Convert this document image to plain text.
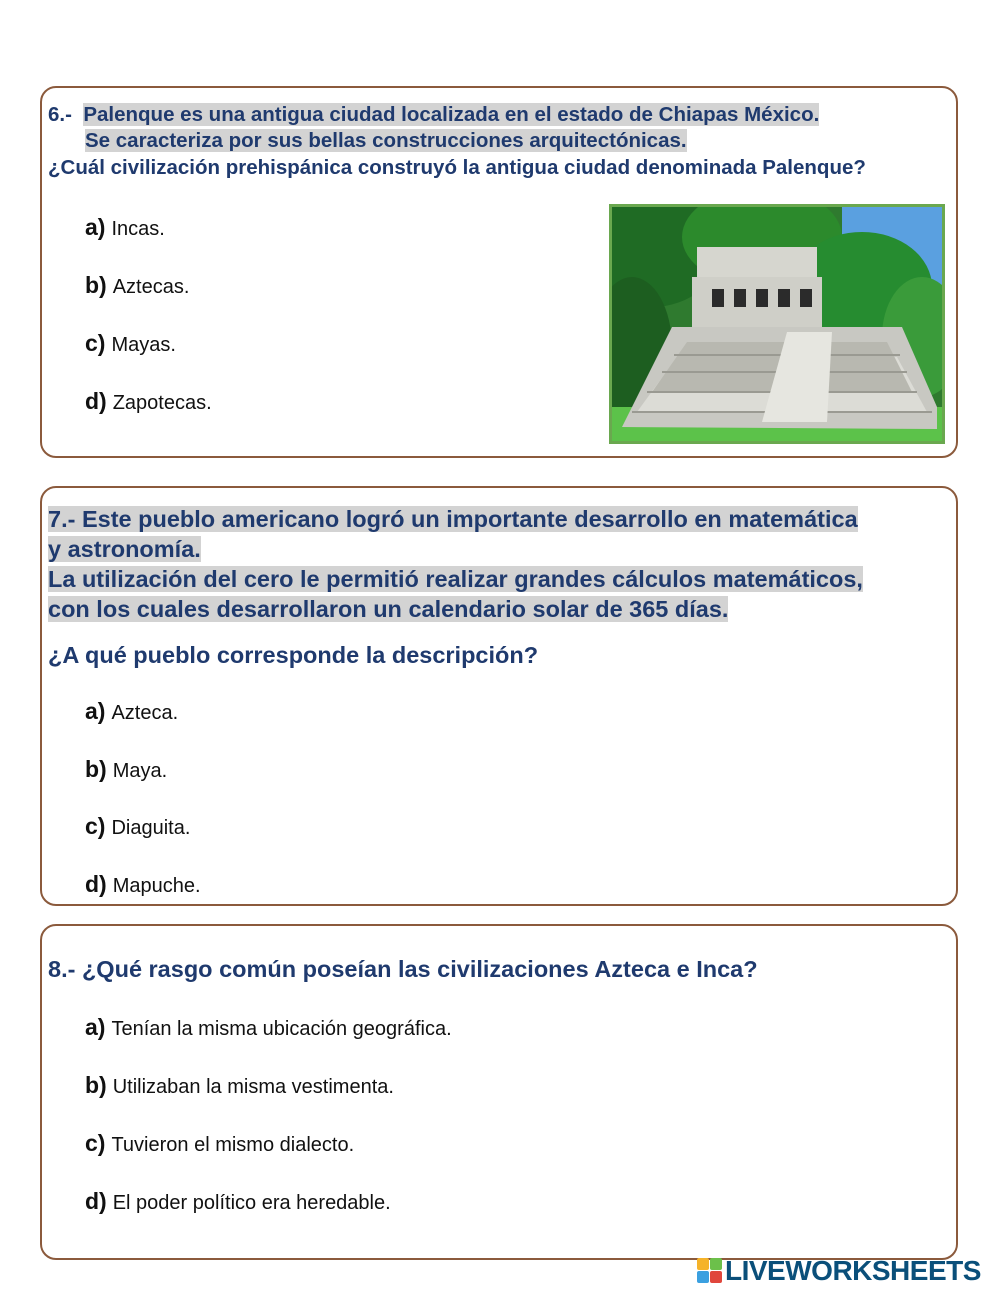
6.- Palenque es una antigua ciudad localizada en el estado de Chiapas México.
Se caracteriza por sus bellas construcciones arquitectónicas.
¿Cuál civilización prehispánica construyó la antigua ciudad denominada Palenque?
a) Incas.
b) Aztecas.
c) Mayas.
d) Zapotecas.
7.- Este pueblo americano logró un importante desarrollo en matemática
y astronomía.
La utilización del cero le permitió realizar grandes cálculos matemáticos,
con los cuales desarrollaron un calendario solar de 365 días.
¿A qué pueblo corresponde la descripción?
a) Azteca.
b) Maya.
c) Diaguita.
d) Mapuche.
8.- ¿Qué rasgo común poseían las civilizaciones Azteca e Inca?
a) Tenían la misma ubicación geográfica.
b) Utilizaban la misma vestimenta.
c) Tuvieron el mismo dialecto.
d) El poder político era heredable.
LIVEWORKSHEETS
